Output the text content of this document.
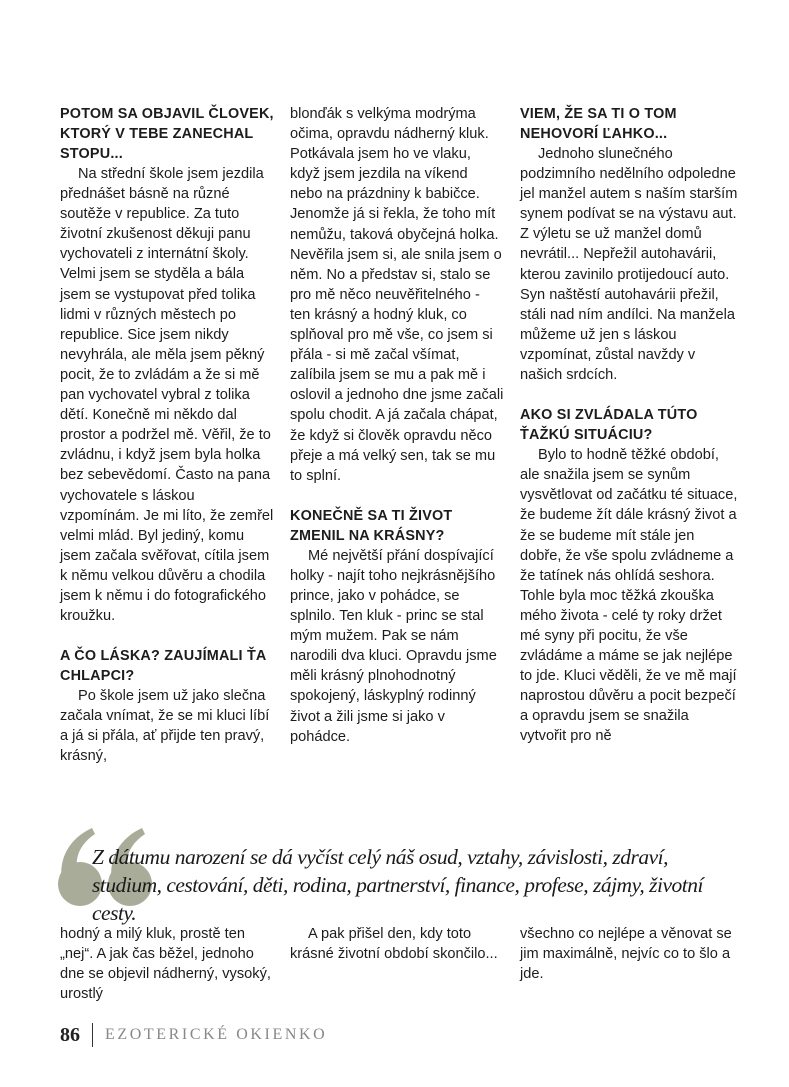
POTOM SA OBJAVIL ČLOVEK, KTORÝ V TEBE ZANECHAL STOPU...

Na střední škole jsem jezdila přednášet básně na různé soutěže v republice. Za tuto životní zkušenost děkuji panu vychovateli z internátní školy. Velmi jsem se styděla a bála jsem se vystupovat před tolika lidmi v různých městech po republice. Sice jsem nikdy nevyhrála, ale měla jsem pěkný pocit, že to zvládám a že si mě pan vychovatel vybral z tolika dětí. Konečně mi někdo dal prostor a podržel mě. Věřil, že to zvládnu, i když jsem byla holka bez sebevědomí. Často na pana vychovatele s láskou vzpomínám. Je mi líto, že zemřel velmi mlád. Byl jediný, komu jsem začala svěřovat, cítila jsem k němu velkou důvěru a chodila jsem k němu i do fotografického kroužku.

A ČO LÁSKA? ZAUJÍMALI ŤA CHLAPCI?

Po škole jsem už jako slečna začala vnímat, že se mi kluci líbí a já si přála, ať přijde ten pravý, krásný,

blonďák s velkýma modrýma očima, opravdu nádherný kluk. Potkávala jsem ho ve vlaku, když jsem jezdila na víkend nebo na prázdniny k babičce. Jenomže já si řekla, že toho mít nemůžu, taková obyčejná holka. Nevěřila jsem si, ale snila jsem o něm. No a představ si, stalo se pro mě něco neuvěřitelného - ten krásný a hodný kluk, co splňoval pro mě vše, co jsem si přála - si mě začal všímat, zalíbila jsem se mu a pak mě i oslovil a jednoho dne jsme začali spolu chodit. A já začala chápat, že když si člověk opravdu něco přeje a má velký sen, tak se mu to splní.

KONEČNĚ SA TI ŽIVOT ZMENIL NA KRÁSNY?

Mé největší přání dospívající holky - najít toho nejkrásnějšího prince, jako v pohádce, se splnilo. Ten kluk - princ se stal mým mužem. Pak se nám narodili dva kluci. Opravdu jsme měli krásný plnohodnotný spokojený, láskyplný rodinný život a žili jsme si jako v pohádce.

VIEM, ŽE SA TI O TOM NEHOVORÍ ĽAHKO...

Jednoho slunečného podzimního nedělního odpoledne jel manžel autem s naším starším synem podívat se na výstavu aut. Z výletu se už manžel domů nevrátil... Nepřežil autohavárii, kterou zavinilo protijedoucí auto. Syn naštěstí autohavárii přežil, stáli nad ním andílci. Na manžela můžeme už jen s láskou vzpomínat, zůstal navždy v našich srdcích.

AKO SI ZVLÁDALA TÚTO ŤAŽKÚ SITUÁCIU?

Bylo to hodně těžké období, ale snažila jsem se synům vysvětlovat od začátku té situace, že budeme žít dále krásný život a že se budeme mít stále jen dobře, že vše spolu zvládneme a že tatínek nás ohlídá seshora. Tohle byla moc těžká zkouška mého života - celé ty roky držet mé syny při pocitu, že vše zvládáme a máme se jak nejlépe to jde. Kluci věděli, že ve mě mají naprostou důvěru a pocit bezpečí a opravdu jsem se snažila vytvořit pro ně

Z dátumu narození se dá vyčíst celý náš osud, vztahy, závislosti, zdraví, studium, cestování, děti, rodina, partnerství, finance, profese, zájmy, životní cesty.

hodný a milý kluk, prostě ten „nej“. A jak čas běžel, jednoho dne se objevil nádherný, vysoký, urostlý

A pak přišel den, kdy toto krásné životní období skončilo...

všechno co nejlépe a věnovat se jim maximálně, nejvíc co to šlo a jde.

86 EZOTERICKÉ OKIENKO
